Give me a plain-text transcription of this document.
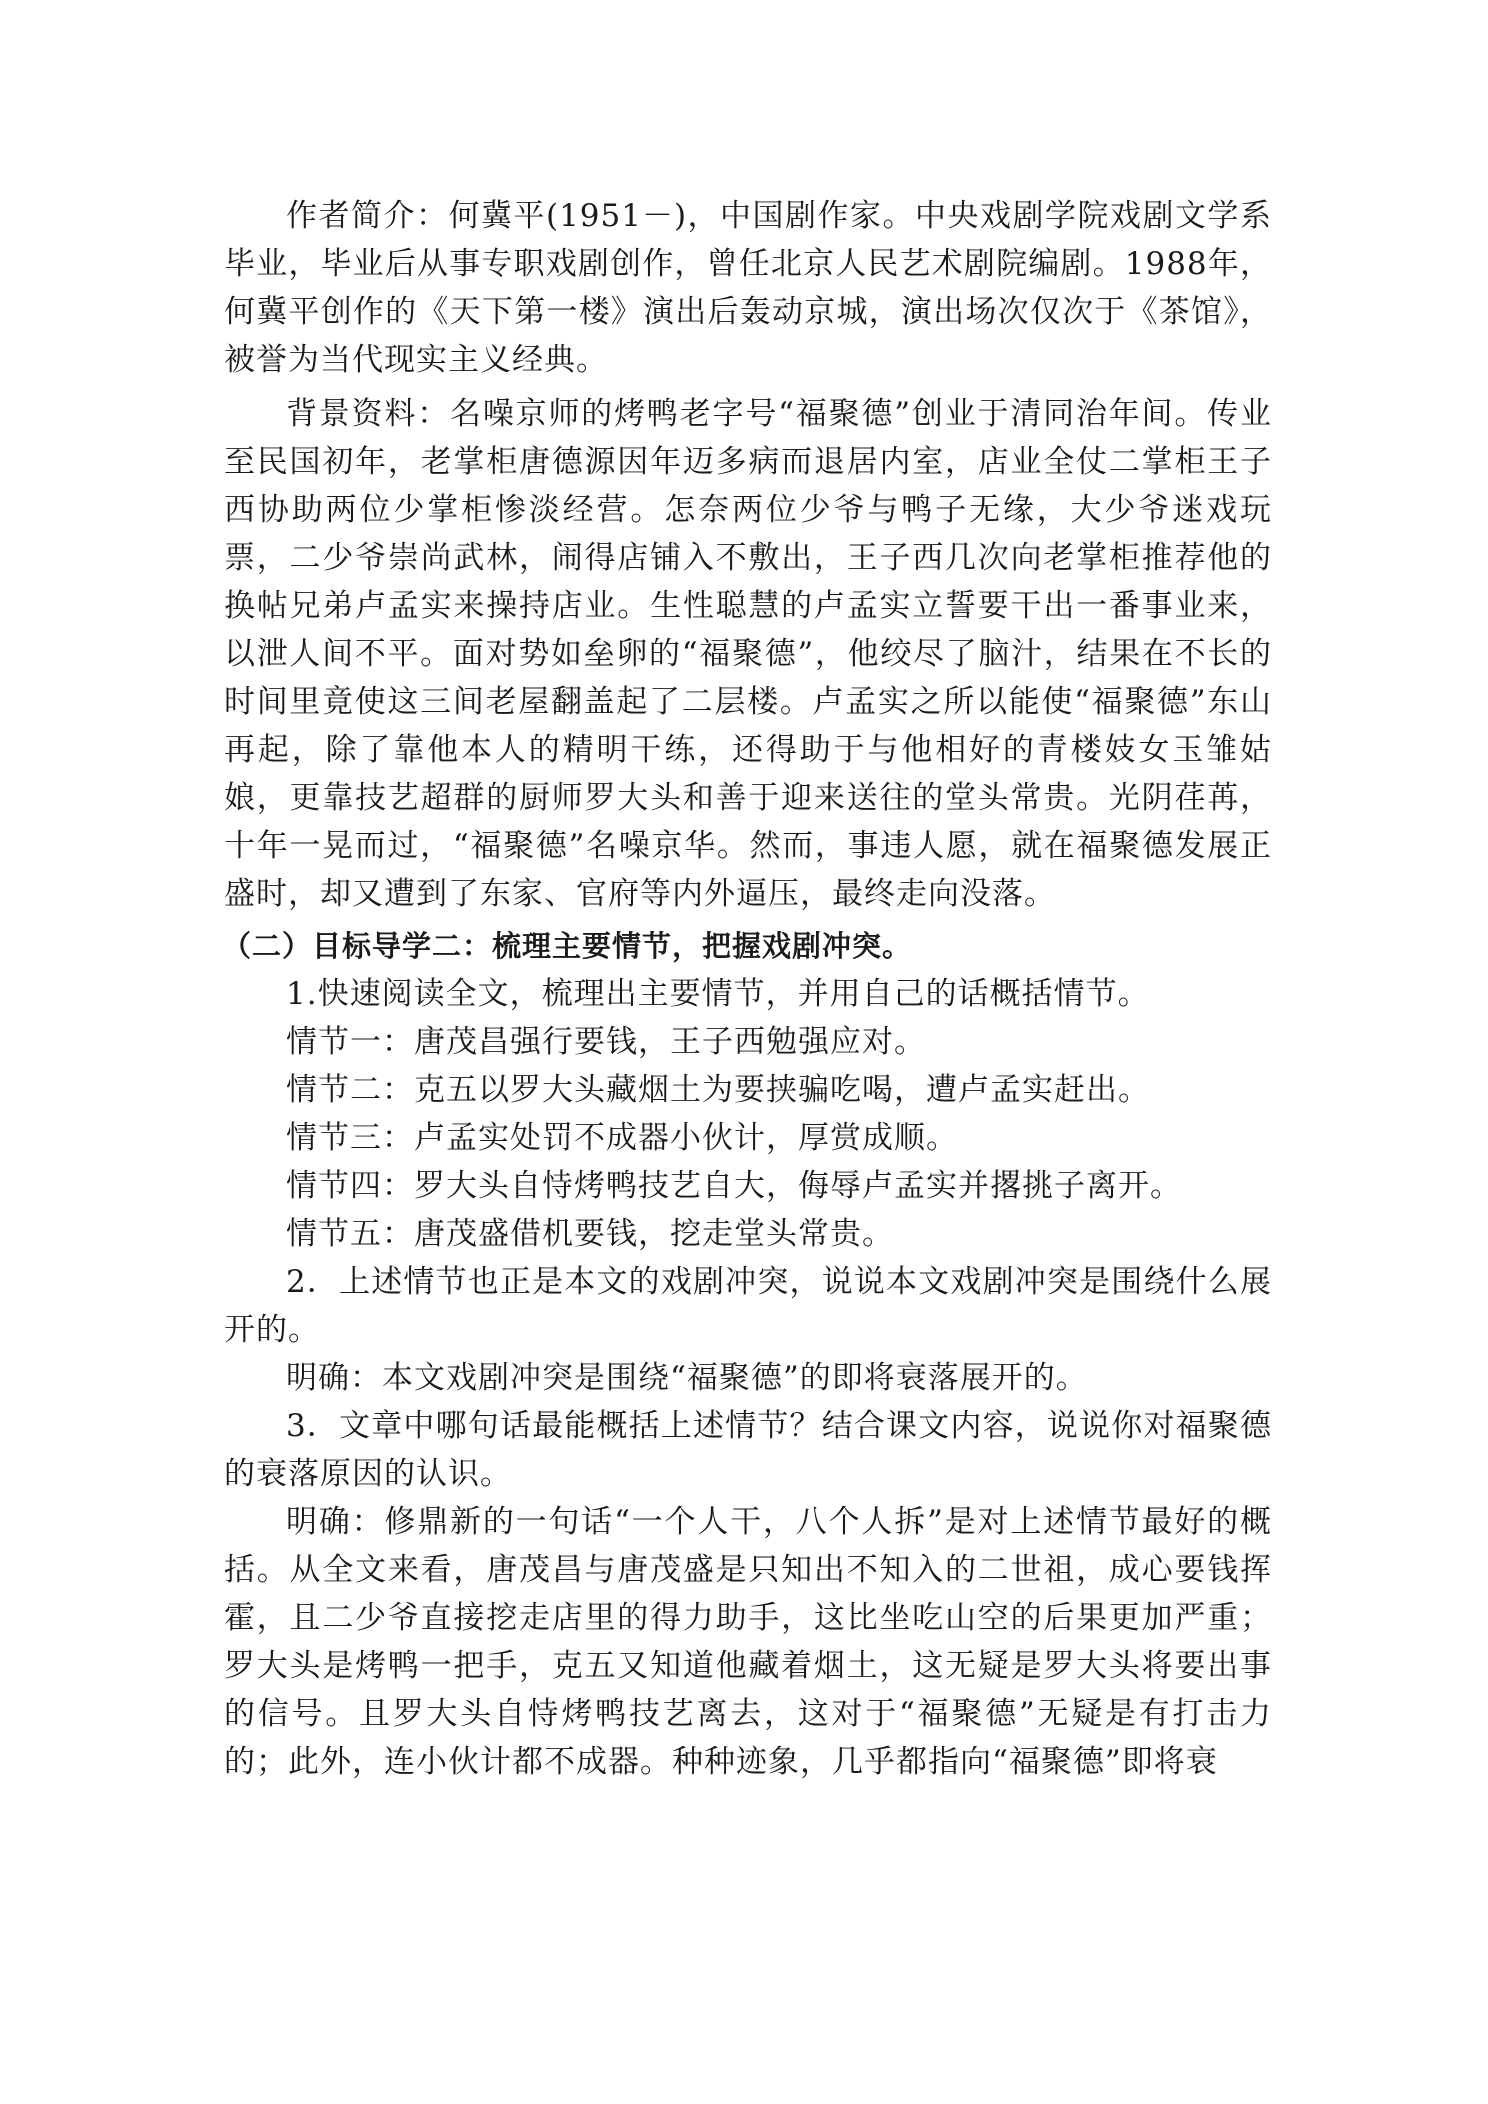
作者简介：何冀平(1951－)，中国剧作家。中央戏剧学院戏剧文学系毕业，毕业后从事专职戏剧创作，曾任北京人民艺术剧院编剧。1988年，何冀平创作的《天下第一楼》演出后轰动京城，演出场次仅次于《茶馆》，被誉为当代现实主义经典。

背景资料：名噪京师的烤鸭老字号“福聚德”创业于清同治年间。传业至民国初年，老掌柜唐德源因年迈多病而退居内室，店业全仗二掌柜王子西协助两位少掌柜惨淡经营。怎奈两位少爷与鸭子无缘，大少爷迷戏玩票，二少爷崇尚武林，闹得店铺入不敷出，王子西几次向老掌柜推荐他的换帖兄弟卢孟实来操持店业。生性聪慧的卢孟实立誓要干出一番事业来，以泄人间不平。面对势如垒卵的“福聚德”，他绞尽了脑汁，结果在不长的时间里竟使这三间老屋翻盖起了二层楼。卢孟实之所以能使“福聚德”东山再起，除了靠他本人的精明干练，还得助于与他相好的青楼妓女玉雏姑娘，更靠技艺超群的厨师罗大头和善于迎来送往的堂头常贵。光阴荏苒，十年一晃而过，“福聚德”名噪京华。然而，事违人愿，就在福聚德发展正盛时，却又遭到了东家、官府等内外逼压，最终走向没落。

（二）目标导学二：梳理主要情节，把握戏剧冲突。

1.快速阅读全文，梳理出主要情节，并用自己的话概括情节。

情节一：唐茂昌强行要钱，王子西勉强应对。

情节二：克五以罗大头藏烟土为要挟骗吃喝，遭卢孟实赶出。

情节三：卢孟实处罚不成器小伙计，厚赏成顺。

情节四：罗大头自恃烤鸭技艺自大，侮辱卢孟实并撂挑子离开。

情节五：唐茂盛借机要钱，挖走堂头常贵。

2．上述情节也正是本文的戏剧冲突，说说本文戏剧冲突是围绕什么展开的。

明确：本文戏剧冲突是围绕“福聚德”的即将衰落展开的。

3．文章中哪句话最能概括上述情节？结合课文内容，说说你对福聚德的衰落原因的认识。

明确：修鼎新的一句话“一个人干，八个人拆”是对上述情节最好的概括。从全文来看，唐茂昌与唐茂盛是只知出不知入的二世祖，成心要钱挥霍，且二少爷直接挖走店里的得力助手，这比坐吃山空的后果更加严重；罗大头是烤鸭一把手，克五又知道他藏着烟土，这无疑是罗大头将要出事的信号。且罗大头自恃烤鸭技艺离去，这对于“福聚德”无疑是有打击力的；此外，连小伙计都不成器。种种迹象，几乎都指向“福聚德”即将衰
